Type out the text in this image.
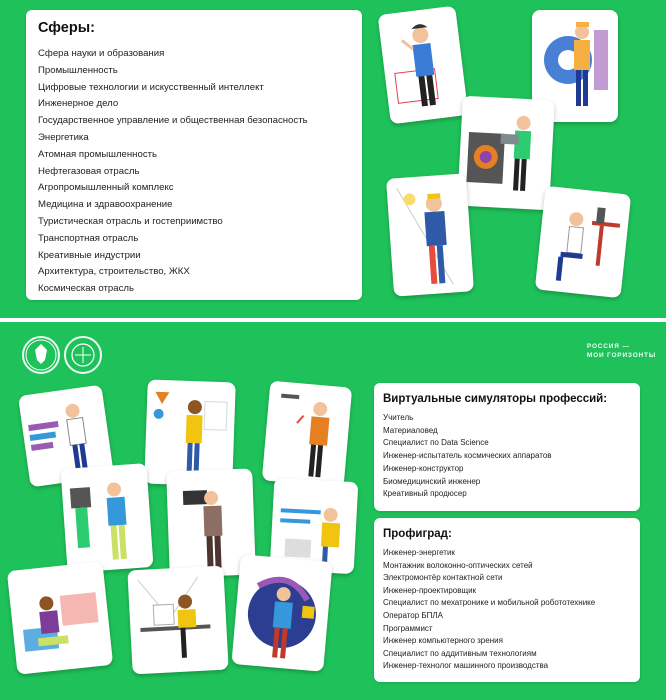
Сферы:
Сфера науки и образования
Промышленность
Цифровые технологии и искусственный интеллект
Инженерное дело
Государственное управление и общественная безопасность
Энергетика
Атомная промышленность
Нефтегазовая отрасль
Агропромышленный комплекс
Медицина и здравоохранение
Туристическая отрасль и гостеприимство
Транспортная отрасль
Креативные индустрии
Архитектура, строительство, ЖКХ
Космическая отрасль
РОССИЯ —
МОИ ГОРИЗОНТЫ
Виртуальные симуляторы профессий:
Учитель
Материаловед
Специалист по Data Science
Инженер-испытатель космических аппаратов
Инженер-конструктор
Биомедицинский инженер
Креативный продюсер
Профиград:
Инженер-энергетик
Монтажник волоконно-оптических сетей
Электромонтёр контактной сети
Инженер-проектировщик
Специалист по мехатронике и мобильной робототехнике
Оператор БПЛА
Программист
Инженер компьютерного зрения
Специалист по аддитивным технологиям
Инженер-технолог машинного производства
